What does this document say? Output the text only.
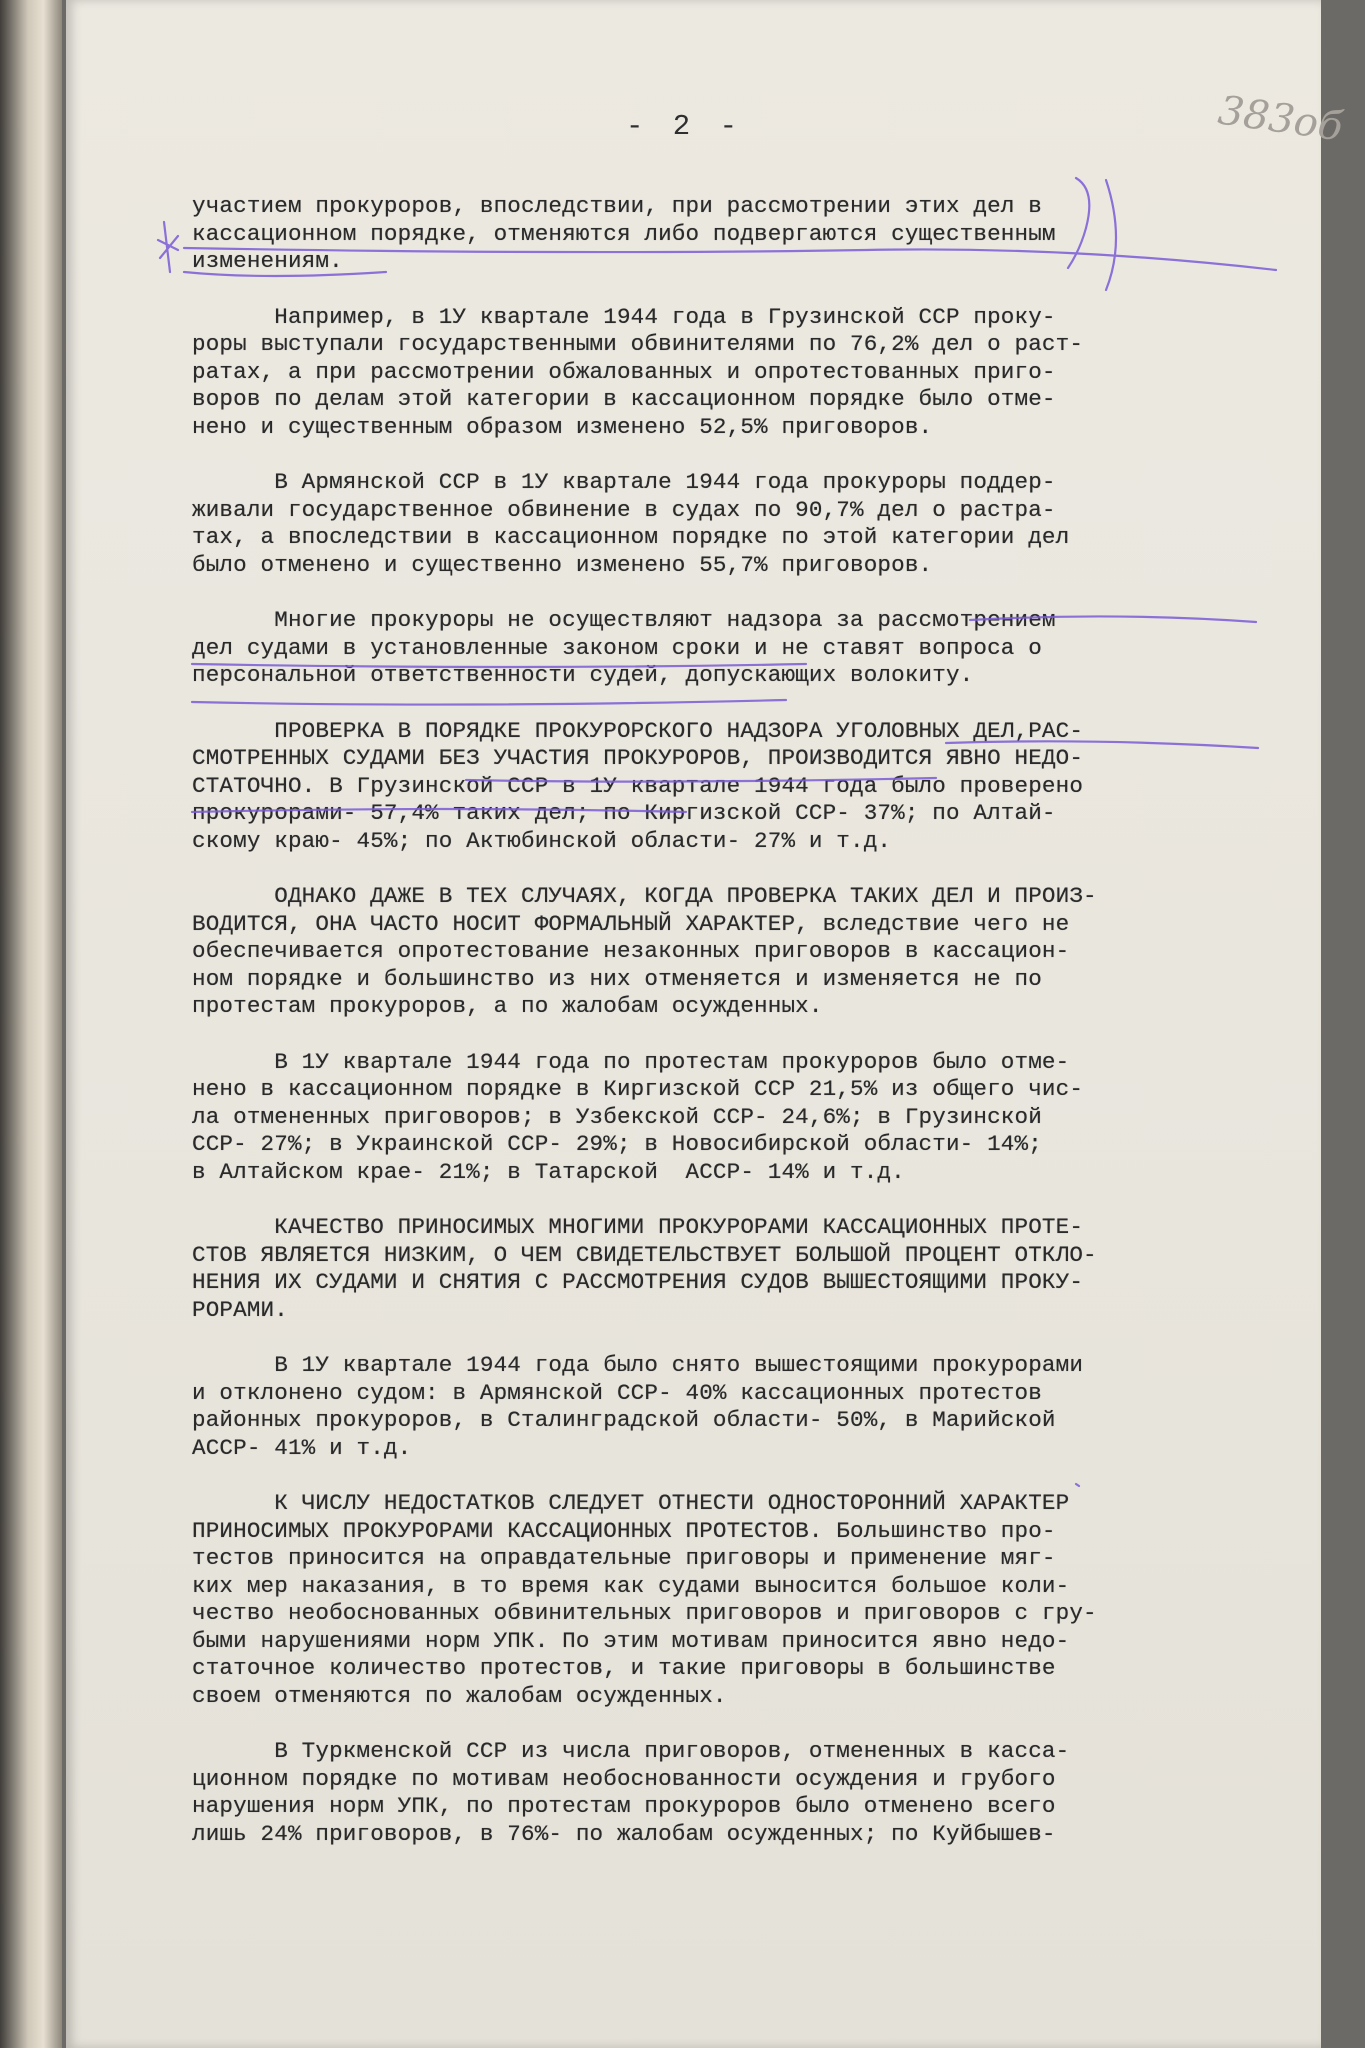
- 2 -	383об
участием прокуроров, впоследствии, при рассмотрении этих дел в
кассационном порядке, отменяются либо подвергаются существенным
изменениям.
Например, в 1У квартале 1944 года в Грузинской ССР проку-
роры выступали государственными обвинителями по 76,2% дел о раст-
ратах, а при рассмотрении обжалованных и опротестованных приго-
воров по делам этой категории в кассационном порядке было отме-
нено и существенным образом изменено 52,5% приговоров.
В Армянской ССР в 1У квартале 1944 года прокуроры поддер-
живали государственное обвинение в судах по 90,7% дел о растра-
тах, а впоследствии в кассационном порядке по этой категории дел
было отменено и существенно изменено 55,7% приговоров.
Многие прокуроры не осуществляют надзора за рассмотрением
дел судами в установленные законом сроки и не ставят вопроса о
персональной ответственности судей, допускающих волокиту.
ПРОВЕРКА В ПОРЯДКЕ ПРОКУРОРСКОГО НАДЗОРА УГОЛОВНЫХ ДЕЛ,РАС-
СМОТРЕННЫХ СУДАМИ БЕЗ УЧАСТИЯ ПРОКУРОРОВ, ПРОИЗВОДИТСЯ ЯВНО НЕДО-
СТАТОЧНО. В Грузинской ССР в 1У квартале 1944 года было проверено
прокурорами- 57,4% таких дел; по Киргизской ССР- 37%; по Алтай-
скому краю- 45%; по Актюбинской области- 27% и т.д.
ОДНАКО ДАЖЕ В ТЕХ СЛУЧАЯХ, КОГДА ПРОВЕРКА ТАКИХ ДЕЛ И ПРОИЗ-
ВОДИТСЯ, ОНА ЧАСТО НОСИТ ФОРМАЛЬНЫЙ ХАРАКТЕР, вследствие чего не
обеспечивается опротестование незаконных приговоров в кассацион-
ном порядке и большинство из них отменяется и изменяется не по
протестам прокуроров, а по жалобам осужденных.
В 1У квартале 1944 года по протестам прокуроров было отме-
нено в кассационном порядке в Киргизской ССР 21,5% из общего чис-
ла отмененных приговоров; в Узбекской ССР- 24,6%; в Грузинской
ССР- 27%; в Украинской ССР- 29%; в Новосибирской области- 14%;
в Алтайском крае- 21%; в Татарской  АССР- 14% и т.д.
КАЧЕСТВО ПРИНОСИМЫХ МНОГИМИ ПРОКУРОРАМИ КАССАЦИОННЫХ ПРОТЕ-
СТОВ ЯВЛЯЕТСЯ НИЗКИМ, О ЧЕМ СВИДЕТЕЛЬСТВУЕТ БОЛЬШОЙ ПРОЦЕНТ ОТКЛО-
НЕНИЯ ИХ СУДАМИ И СНЯТИЯ С РАССМОТРЕНИЯ СУДОВ ВЫШЕСТОЯЩИМИ ПРОКУ-
РОРАМИ.
В 1У квартале 1944 года было снято вышестоящими прокурорами
и отклонено судом: в Армянской ССР- 40% кассационных протестов
районных прокуроров, в Сталинградской области- 50%, в Марийской
АССР- 41% и т.д.
К ЧИСЛУ НЕДОСТАТКОВ СЛЕДУЕТ ОТНЕСТИ ОДНОСТОРОННИЙ ХАРАКТЕР
ПРИНОСИМЫХ ПРОКУРОРАМИ КАССАЦИОННЫХ ПРОТЕСТОВ. Большинство про-
тестов приносится на оправдательные приговоры и применение мяг-
ких мер наказания, в то время как судами выносится большое коли-
чество необоснованных обвинительных приговоров и приговоров с гру-
быми нарушениями норм УПК. По этим мотивам приносится явно недо-
статочное количество протестов, и такие приговоры в большинстве
своем отменяются по жалобам осужденных.
В Туркменской ССР из числа приговоров, отмененных в касса-
ционном порядке по мотивам необоснованности осуждения и грубого
нарушения норм УПК, по протестам прокуроров было отменено всего
лишь 24% приговоров, в 76%- по жалобам осужденных; по Куйбышев-
